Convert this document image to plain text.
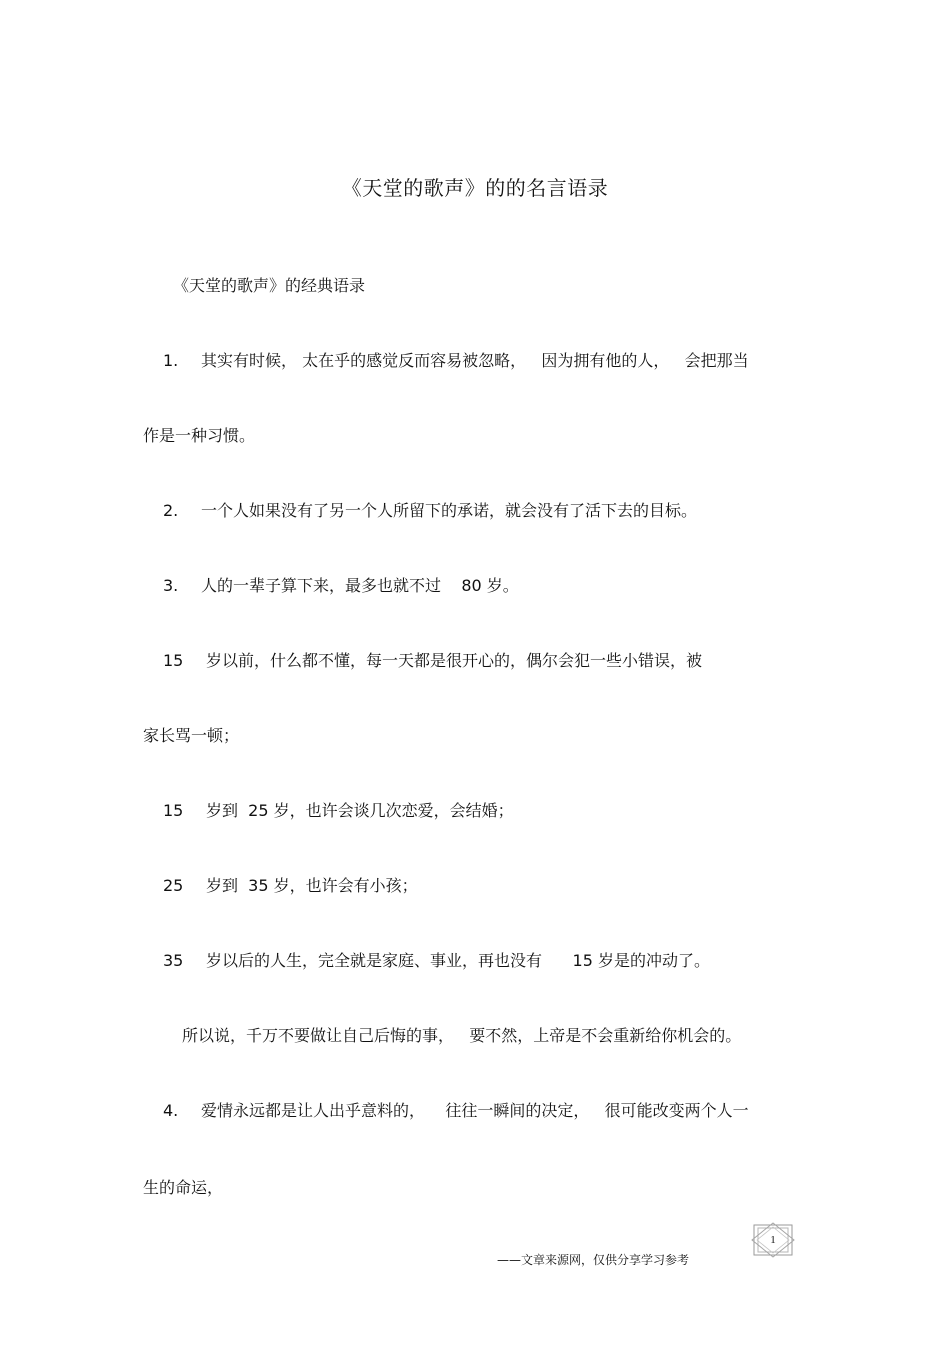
《天堂的歌声》的的名言语录
《天堂的歌声》的经典语录
1. 其实有时候， 太在乎的感觉反而容易被忽略，   因为拥有他的人，   会把那当
作是一种习惯。
2. 一个人如果没有了另一个人所留下的承诺，就会没有了活下去的目标。
3. 人的一辈子算下来，最多也就不过    80 岁。
15 岁以前，什么都不懂，每一天都是很开心的，偶尔会犯一些小错误，被
家长骂一顿；
15 岁到  25 岁，也许会谈几次恋爱，会结婚；
25 岁到  35 岁，也许会有小孩；
35 岁以后的人生，完全就是家庭、事业，再也没有      15 岁是的冲动了。
所以说，千万不要做让自己后悔的事，   要不然，上帝是不会重新给你机会的。
4. 爱情永远都是让人出乎意料的，    往往一瞬间的决定，   很可能改变两个人一
生的命运，
——文章来源网，仅供分享学习参考
1
